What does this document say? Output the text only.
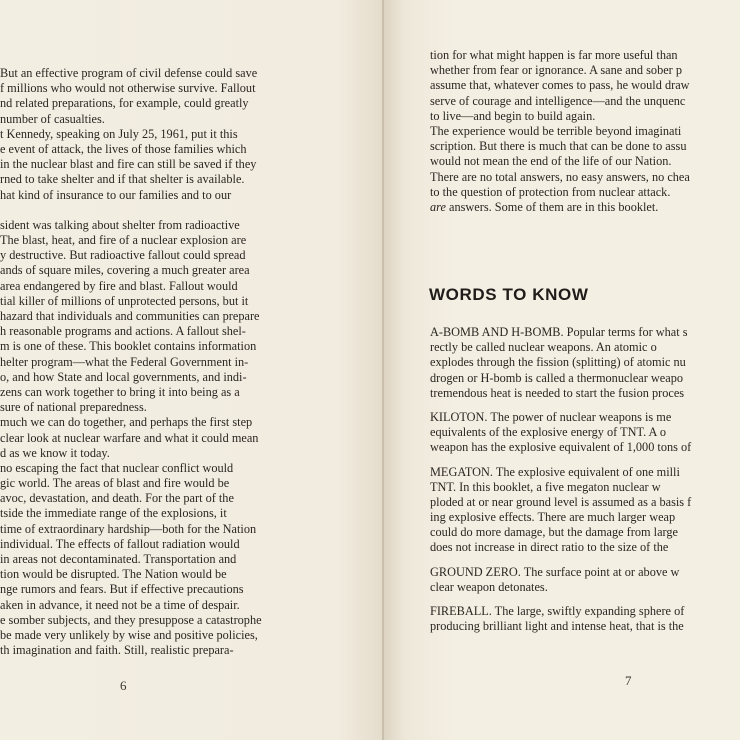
But an effective program of civil defense could save
f millions who would not otherwise survive. Fallout
nd related preparations, for example, could greatly
number of casualties.
t Kennedy, speaking on July 25, 1961, put it this
e event of attack, the lives of those families which
in the nuclear blast and fire can still be saved if they
rned to take shelter and if that shelter is available.
hat kind of insurance to our families and to our
sident was talking about shelter from radioactive
The blast, heat, and fire of a nuclear explosion are
y destructive. But radioactive fallout could spread
ands of square miles, covering a much greater area
area endangered by fire and blast. Fallout would
tial killer of millions of unprotected persons, but it
hazard that individuals and communities can prepare
h reasonable programs and actions. A fallout shel-
m is one of these. This booklet contains information
helter program—what the Federal Government in-
o, and how State and local governments, and indi-
zens can work together to bring it into being as a
sure of national preparedness.
much we can do together, and perhaps the first step
clear look at nuclear warfare and what it could mean
d as we know it today.
no escaping the fact that nuclear conflict would
gic world. The areas of blast and fire would be
avoc, devastation, and death. For the part of the
tside the immediate range of the explosions, it
time of extraordinary hardship—both for the Nation
individual. The effects of fallout radiation would
in areas not decontaminated. Transportation and
tion would be disrupted. The Nation would be
nge rumors and fears. But if effective precautions
aken in advance, it need not be a time of despair.
e somber subjects, and they presuppose a catastrophe
be made very unlikely by wise and positive policies,
th imagination and faith. Still, realistic prepara-
6
tion for what might happen is far more useful than
whether from fear or ignorance. A sane and sober p
assume that, whatever comes to pass, he would draw
serve of courage and intelligence—and the unquenc
to live—and begin to build again.
The experience would be terrible beyond imaginati
scription. But there is much that can be done to assu
would not mean the end of the life of our Nation.
There are no total answers, no easy answers, no chea
to the question of protection from nuclear attack.
are answers. Some of them are in this booklet.
WORDS TO KNOW
A-BOMB AND H-BOMB. Popular terms for what s
rectly be called nuclear weapons. An atomic o
explodes through the fission (splitting) of atomic nu
drogen or H-bomb is called a thermonuclear weapo
tremendous heat is needed to start the fusion proces
KILOTON. The power of nuclear weapons is me
equivalents of the explosive energy of TNT. A o
weapon has the explosive equivalent of 1,000 tons of
MEGATON. The explosive equivalent of one milli
TNT. In this booklet, a five megaton nuclear w
ploded at or near ground level is assumed as a basis f
ing explosive effects. There are much larger weap
could do more damage, but the damage from large
does not increase in direct ratio to the size of the
GROUND ZERO. The surface point at or above w
clear weapon detonates.
FIREBALL. The large, swiftly expanding sphere of
producing brilliant light and intense heat, that is the
7
